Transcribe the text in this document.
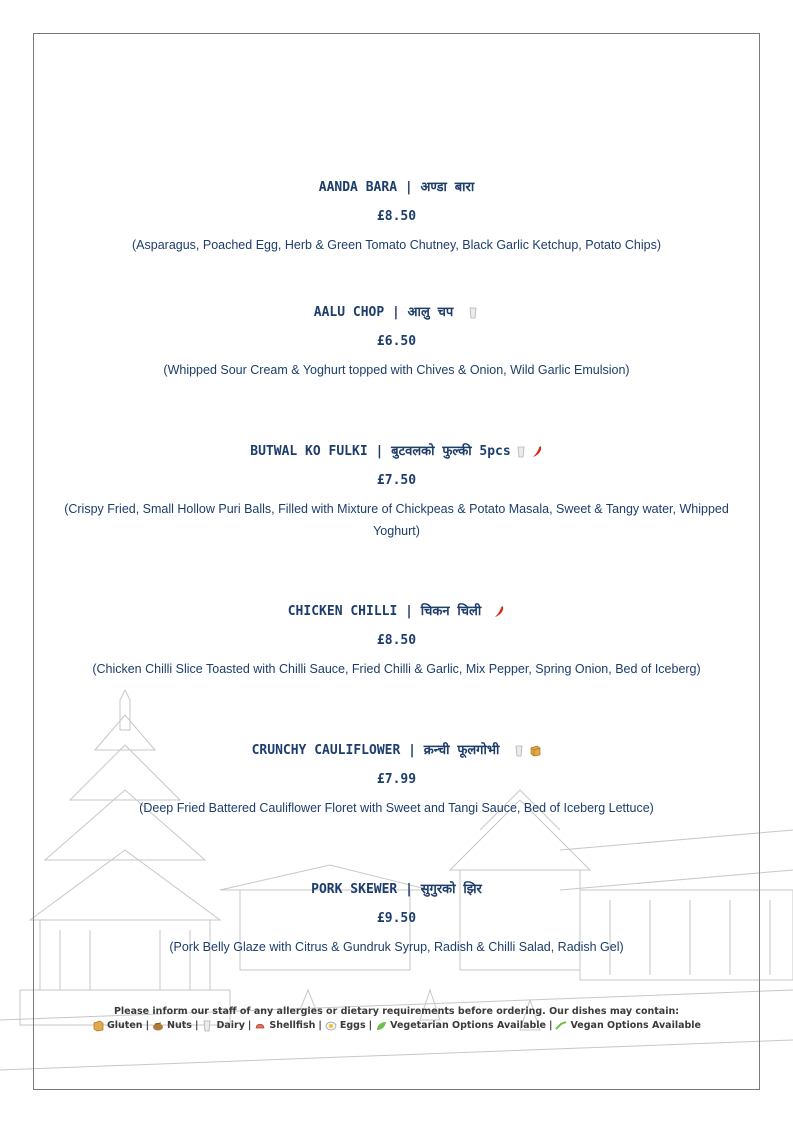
AANDA BARA | अण्डा बारा
£8.50
(Asparagus, Poached Egg, Herb & Green Tomato Chutney, Black Garlic Ketchup, Potato Chips)
AALU CHOP | आलु चप
£6.50
(Whipped Sour Cream & Yoghurt topped with Chives & Onion, Wild Garlic Emulsion)
BUTWAL KO FULKI | बुटवलको फुल्की 5pcs
£7.50
(Crispy Fried, Small Hollow Puri Balls, Filled with Mixture of Chickpeas & Potato Masala, Sweet & Tangy water, Whipped Yoghurt)
CHICKEN CHILLI | चिकन चिली
£8.50
(Chicken Chilli Slice Toasted with Chilli Sauce, Fried Chilli & Garlic, Mix Pepper, Spring Onion, Bed of Iceberg)
CRUNCHY CAULIFLOWER | क्रन्ची फूलगोभी
£7.99
(Deep Fried Battered Cauliflower Floret with Sweet and Tangi Sauce, Bed of Iceberg Lettuce)
PORK SKEWER | सुगुरको झिर
£9.50
(Pork Belly Glaze with Citrus & Gundruk Syrup, Radish & Chilli Salad, Radish Gel)
Please inform our staff of any allergies or dietary requirements before ordering. Our dishes may contain:
Gluten | Nuts | Dairy | Shellfish | Eggs | Vegetarian Options Available | Vegan Options Available
